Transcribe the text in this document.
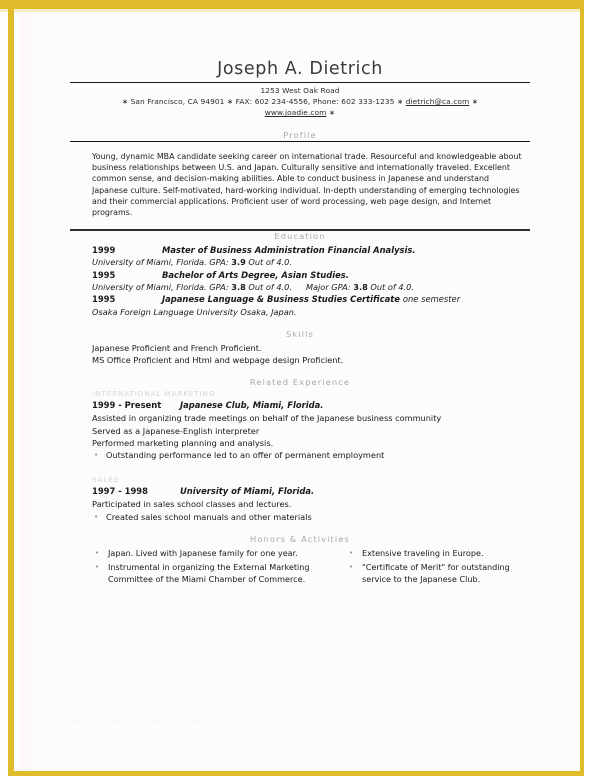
Joseph A. Dietrich
1253 West Oak Road
∗ San Francisco, CA 94901 ∗ FAX: 602 234-4556, Phone: 602 333-1235 ∗ dietrich@ca.com ∗
www.joadie.com ∗
Profile
Young, dynamic MBA candidate seeking career on international trade. Resourceful and knowledgeable about business relationships between U.S. and Japan. Culturally sensitive and internationally traveled. Excellent common sense, and decision-making abilities. Able to conduct business in Japanese and understand Japanese culture. Self-motivated, hard-working individual. In-depth understanding of emerging technologies and their commercial applications. Proficient user of word processing, web page design, and Internet programs.
Education
1999	Master of Business Administration Financial Analysis.
University of Miami, Florida. GPA: 3.9 Out of 4.0.
1995	Bachelor of Arts Degree, Asian Studies.
University of Miami, Florida. GPA: 3.8 Out of 4.0. Major GPA: 3.8 Out of 4.0.
1995	Japanese Language & Business Studies Certificate one semester
Osaka Foreign Language University Osaka, Japan.
Skills
Japanese Proficient and French Proficient.
MS Office Proficient and Html and webpage design Proficient.
Related Experience
INTERNATIONAL MARKETING
1999 - Present	Japanese Club, Miami, Florida.
Assisted in organizing trade meetings on behalf of the Japanese business community
Served as a Japanese-English interpreter
Performed marketing planning and analysis.
• Outstanding performance led to an offer of permanent employment
SALES
1997 - 1998	University of Miami, Florida.
Participated in sales school classes and lectures.
• Created sales school manuals and other materials
Honors & Activities
• Japan. Lived with Japanese family for one year.
• Instrumental in organizing the External Marketing Committee of the Miami Chamber of Commerce.
• Extensive traveling in Europe.
• "Certificate of Merit" for outstanding service to the Japanese Club.
www.templateral.com/resume-template
